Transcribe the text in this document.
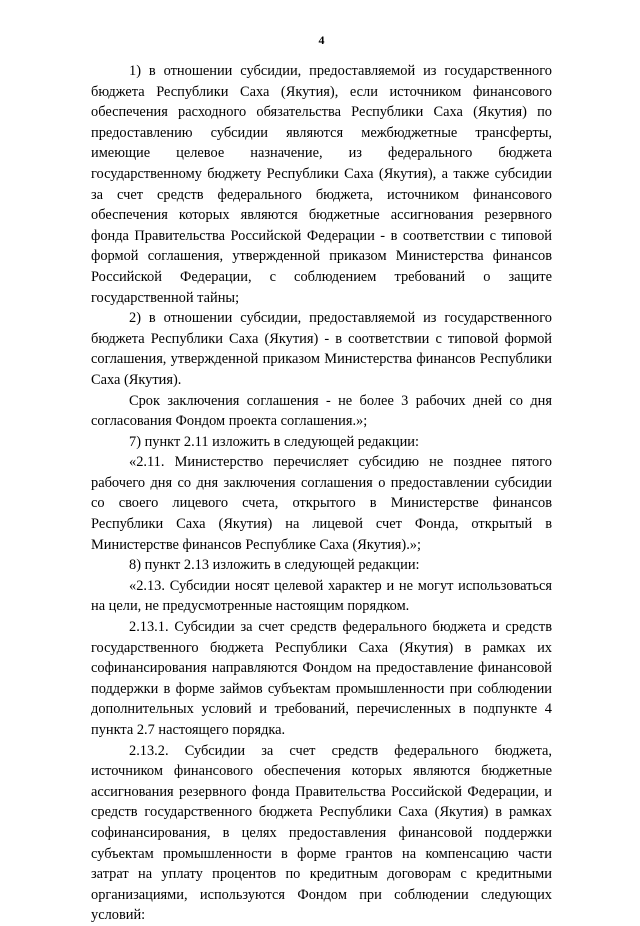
4

1) в отношении субсидии, предоставляемой из государственного бюджета Республики Саха (Якутия), если источником финансового обеспечения расходного обязательства Республики Саха (Якутия) по предоставлению субсидии являются межбюджетные трансферты, имеющие целевое назначение, из федерального бюджета государственному бюджету Республики Саха (Якутия), а также субсидии за счет средств федерального бюджета, источником финансового обеспечения которых являются бюджетные ассигнования резервного фонда Правительства Российской Федерации - в соответствии с типовой формой соглашения, утвержденной приказом Министерства финансов Российской Федерации, с соблюдением требований о защите государственной тайны;

2) в отношении субсидии, предоставляемой из государственного бюджета Республики Саха (Якутия) - в соответствии с типовой формой соглашения, утвержденной приказом Министерства финансов Республики Саха (Якутия).

Срок заключения соглашения - не более 3 рабочих дней со дня согласования Фондом проекта соглашения.»;

7) пункт 2.11 изложить в следующей редакции:

«2.11. Министерство перечисляет субсидию не позднее пятого рабочего дня со дня заключения соглашения о предоставлении субсидии со своего лицевого счета, открытого в Министерстве финансов Республики Саха (Якутия) на лицевой счет Фонда, открытый в Министерстве финансов Республике Саха (Якутия).»;

8) пункт 2.13 изложить в следующей редакции:

«2.13. Субсидии носят целевой характер и не могут использоваться на цели, не предусмотренные настоящим порядком.

2.13.1. Субсидии за счет средств федерального бюджета и средств государственного бюджета Республики Саха (Якутия) в рамках их софинансирования направляются Фондом на предоставление финансовой поддержки в форме займов субъектам промышленности при соблюдении дополнительных условий и требований, перечисленных в подпункте 4 пункта 2.7 настоящего порядка.

2.13.2. Субсидии за счет средств федерального бюджета, источником финансового обеспечения которых являются бюджетные ассигнования резервного фонда Правительства Российской Федерации, и средств государственного бюджета Республики Саха (Якутия) в рамках софинансирования, в целях предоставления финансовой поддержки субъектам промышленности в форме грантов на компенсацию части затрат на уплату процентов по кредитным договорам с кредитными организациями, используются Фондом при соблюдении следующих условий:
